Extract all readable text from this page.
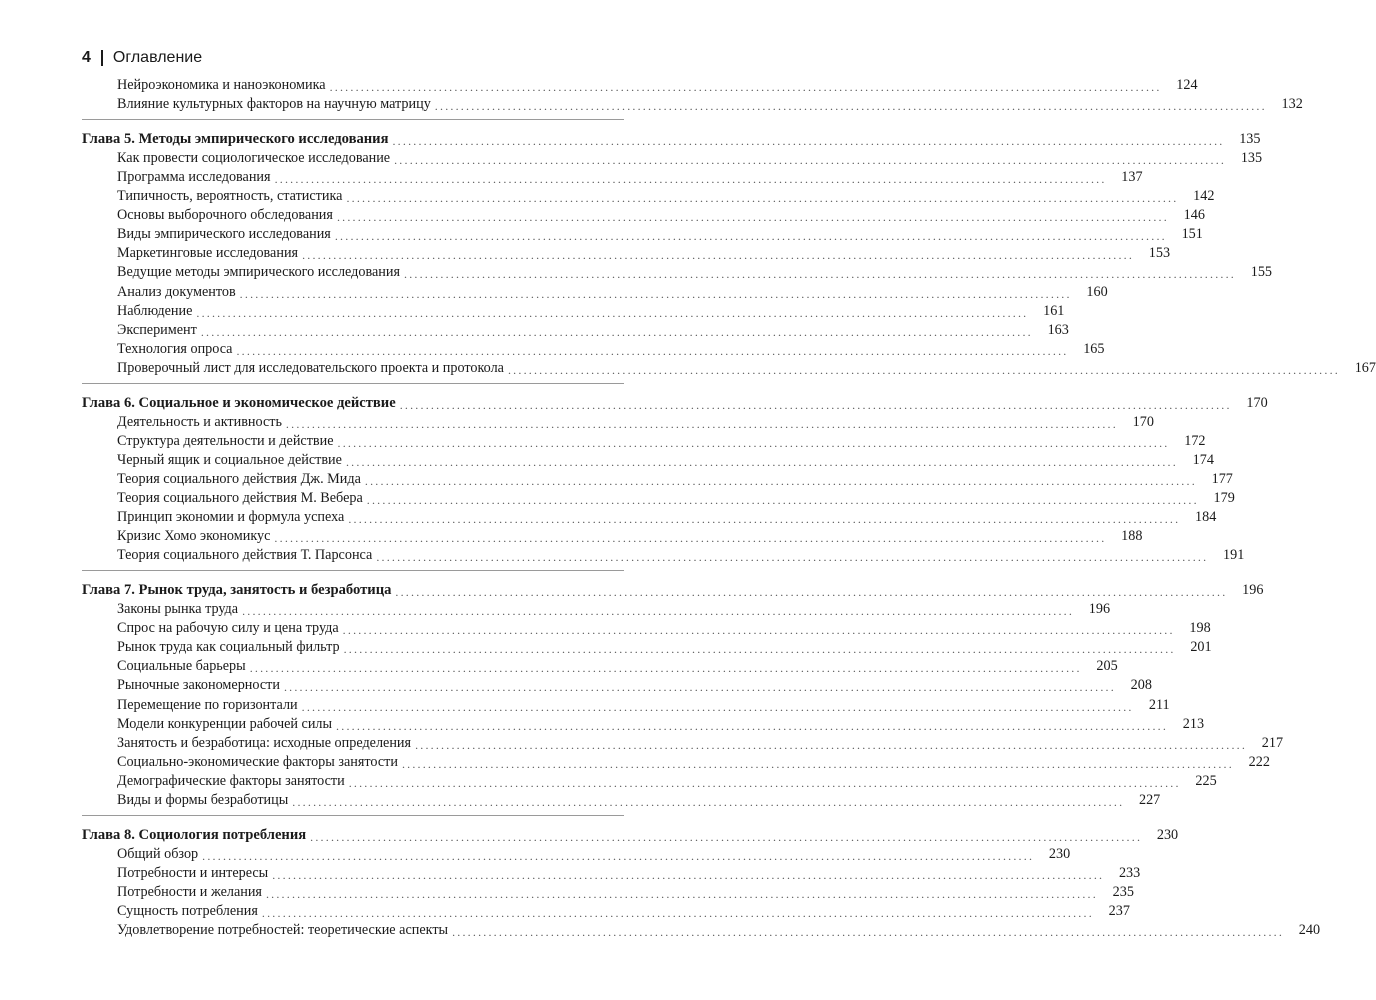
4 Оглавление
Нейроэкономика и наноэкономика ................................................................................................................................................................	124
Влияние культурных факторов на научную матрицу ................................................................................................................................................................	132
Глава 5. Методы эмпирического исследования ................................................................................................................................................................	135
Как провести социологическое исследование ................................................................................................................................................................	135
Программа исследования ................................................................................................................................................................	137
Типичность, вероятность, статистика ................................................................................................................................................................	142
Основы выборочного обследования ................................................................................................................................................................	146
Виды эмпирического исследования ................................................................................................................................................................	151
Маркетинговые исследования ................................................................................................................................................................	153
Ведущие методы эмпирического исследования ................................................................................................................................................................	155
Анализ документов ................................................................................................................................................................	160
Наблюдение ................................................................................................................................................................	161
Эксперимент ................................................................................................................................................................	163
Технология опроса ................................................................................................................................................................	165
Проверочный лист для исследовательского проекта и протокола ................................................................................................................................................................	167
Глава 6. Социальное и экономическое действие ................................................................................................................................................................	170
Деятельность и активность ................................................................................................................................................................	170
Структура деятельности и действие ................................................................................................................................................................	172
Черный ящик и социальное действие ................................................................................................................................................................	174
Теория социального действия Дж. Мида ................................................................................................................................................................	177
Теория социального действия М. Вебера ................................................................................................................................................................	179
Принцип экономии и формула успеха ................................................................................................................................................................	184
Кризис Хомо экономикус ................................................................................................................................................................	188
Теория социального действия Т. Парсонса ................................................................................................................................................................	191
Глава 7. Рынок труда, занятость и безработица ................................................................................................................................................................	196
Законы рынка труда ................................................................................................................................................................	196
Спрос на рабочую силу и цена труда ................................................................................................................................................................	198
Рынок труда как социальный фильтр ................................................................................................................................................................	201
Социальные барьеры ................................................................................................................................................................	205
Рыночные закономерности ................................................................................................................................................................	208
Перемещение по горизонтали ................................................................................................................................................................	211
Модели конкуренции рабочей силы ................................................................................................................................................................	213
Занятость и безработица: исходные определения ................................................................................................................................................................	217
Социально-экономические факторы занятости ................................................................................................................................................................	222
Демографические факторы занятости ................................................................................................................................................................	225
Виды и формы безработицы ................................................................................................................................................................	227
Глава 8. Социология потребления ................................................................................................................................................................	230
Общий обзор ................................................................................................................................................................	230
Потребности и интересы ................................................................................................................................................................	233
Потребности и желания ................................................................................................................................................................	235
Сущность потребления ................................................................................................................................................................	237
Удовлетворение потребностей: теоретические аспекты ................................................................................................................................................................	240
